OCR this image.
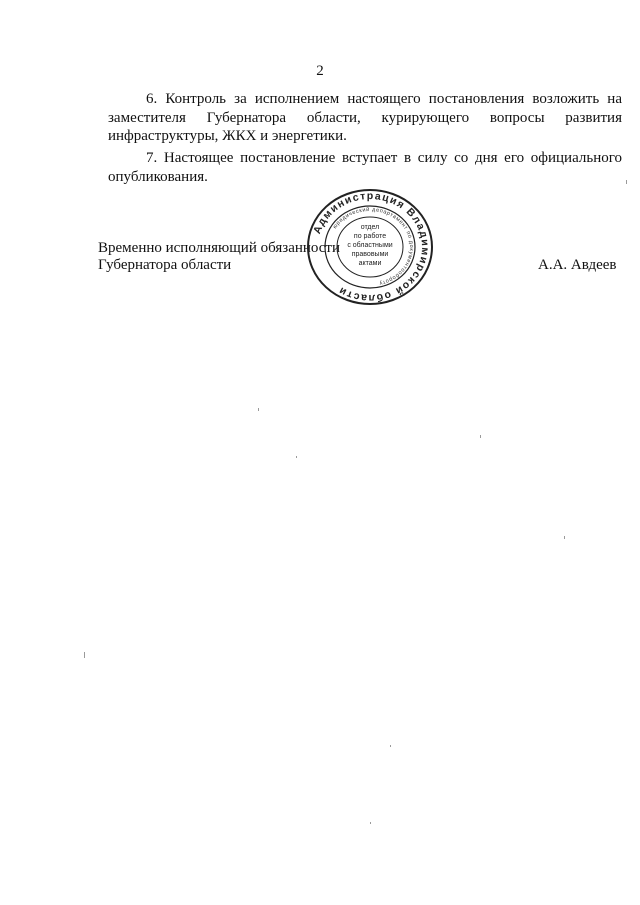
2

6. Контроль за исполнением настоящего постановления возложить на заместителя Губернатора области, курирующего вопросы развития инфраструктуры, ЖКХ и энергетики.

7. Настоящее постановление вступает в силу со дня его официального опубликования.

Временно исполняющий обязанности
Губернатора области	А.А. Авдеев
Администрация Владимирской области
юридический департамент по документообороту
отдел
по работе
с областными
правовыми
актами
